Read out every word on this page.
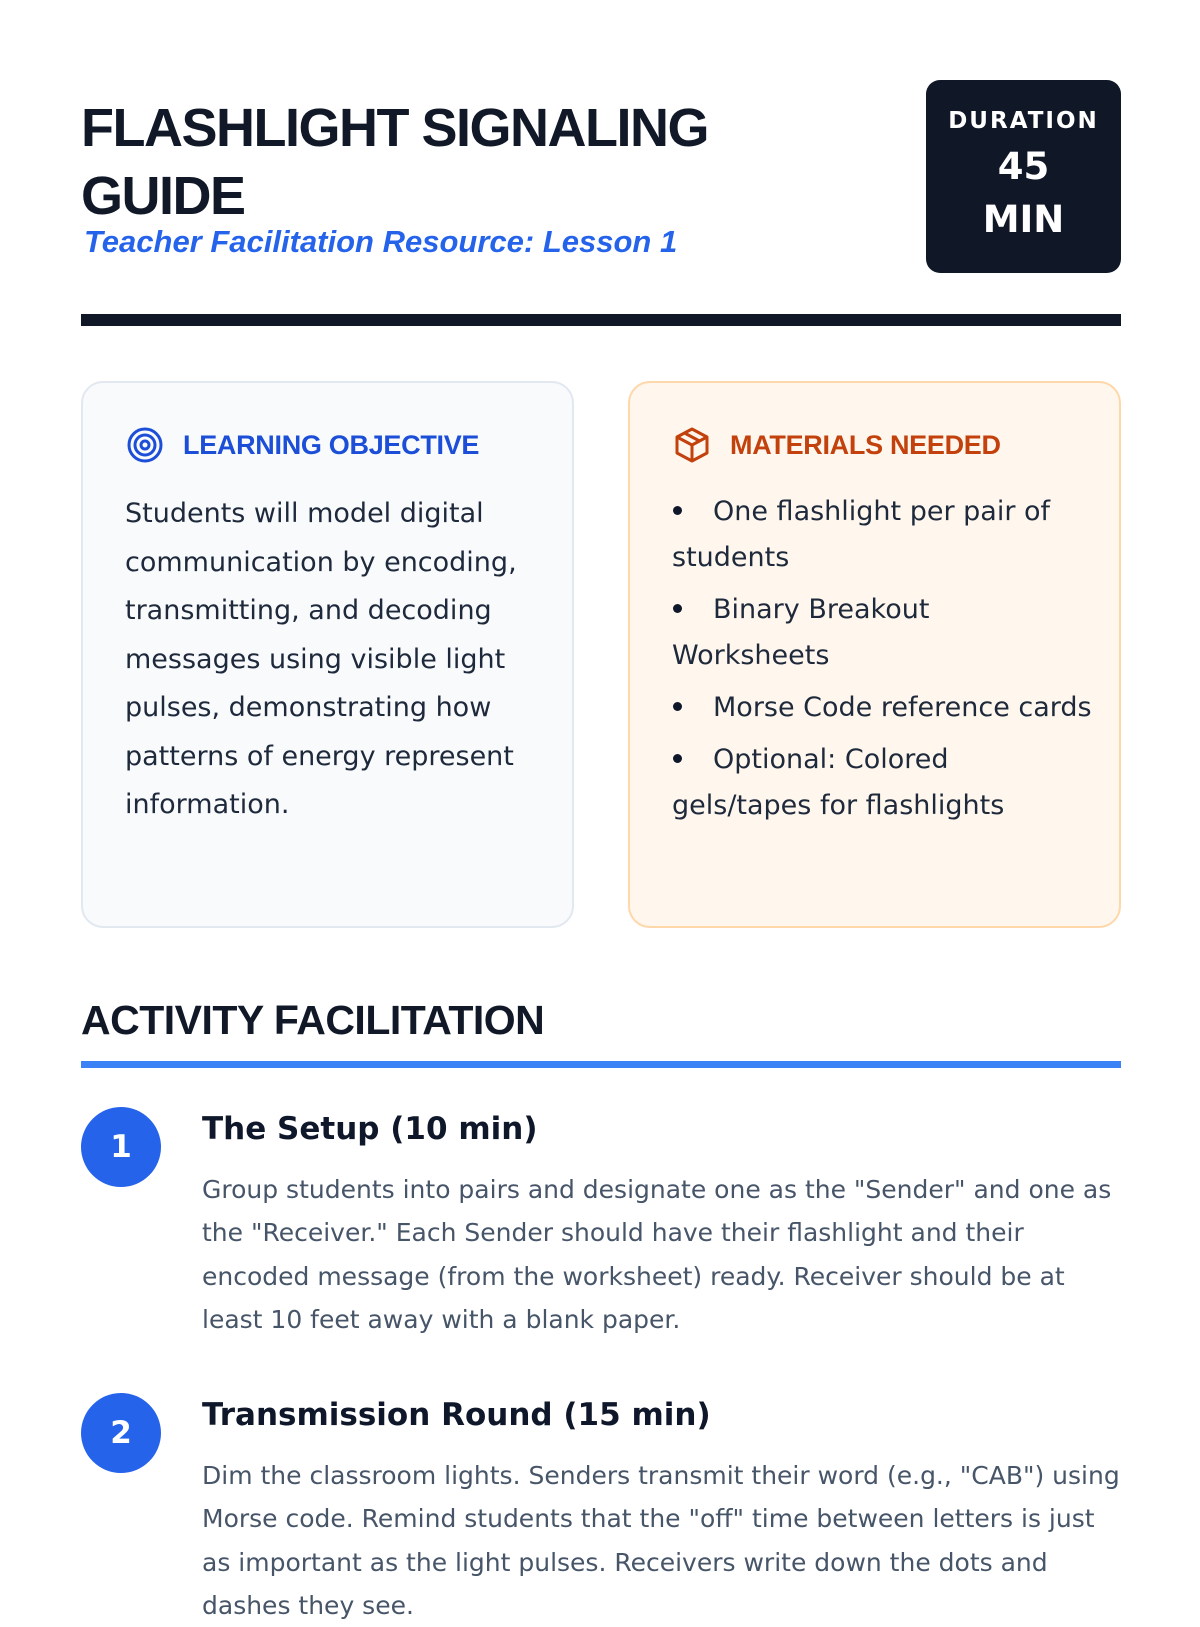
FLASHLIGHT SIGNALING GUIDE

Teacher Facilitation Resource: Lesson 1

DURATION
45 MIN
LEARNING OBJECTIVE

Students will model digital communication by encoding, transmitting, and decoding messages using visible light pulses, demonstrating how patterns of energy represent information.

MATERIALS NEEDED
One flashlight per pair of students
Binary Breakout Worksheets
Morse Code reference cards
Optional: Colored gels/tapes for flashlights
ACTIVITY FACILITATION
1	The Setup (10 min)

Group students into pairs and designate one as the "Sender" and one as the "Receiver." Each Sender should have their flashlight and their encoded message (from the worksheet) ready. Receiver should be at least 10 feet away with a blank paper.

2	Transmission Round (15 min)

Dim the classroom lights. Senders transmit their word (e.g., "CAB") using Morse code. Remind students that the "off" time between letters is just as important as the light pulses. Receivers write down the dots and dashes they see.
